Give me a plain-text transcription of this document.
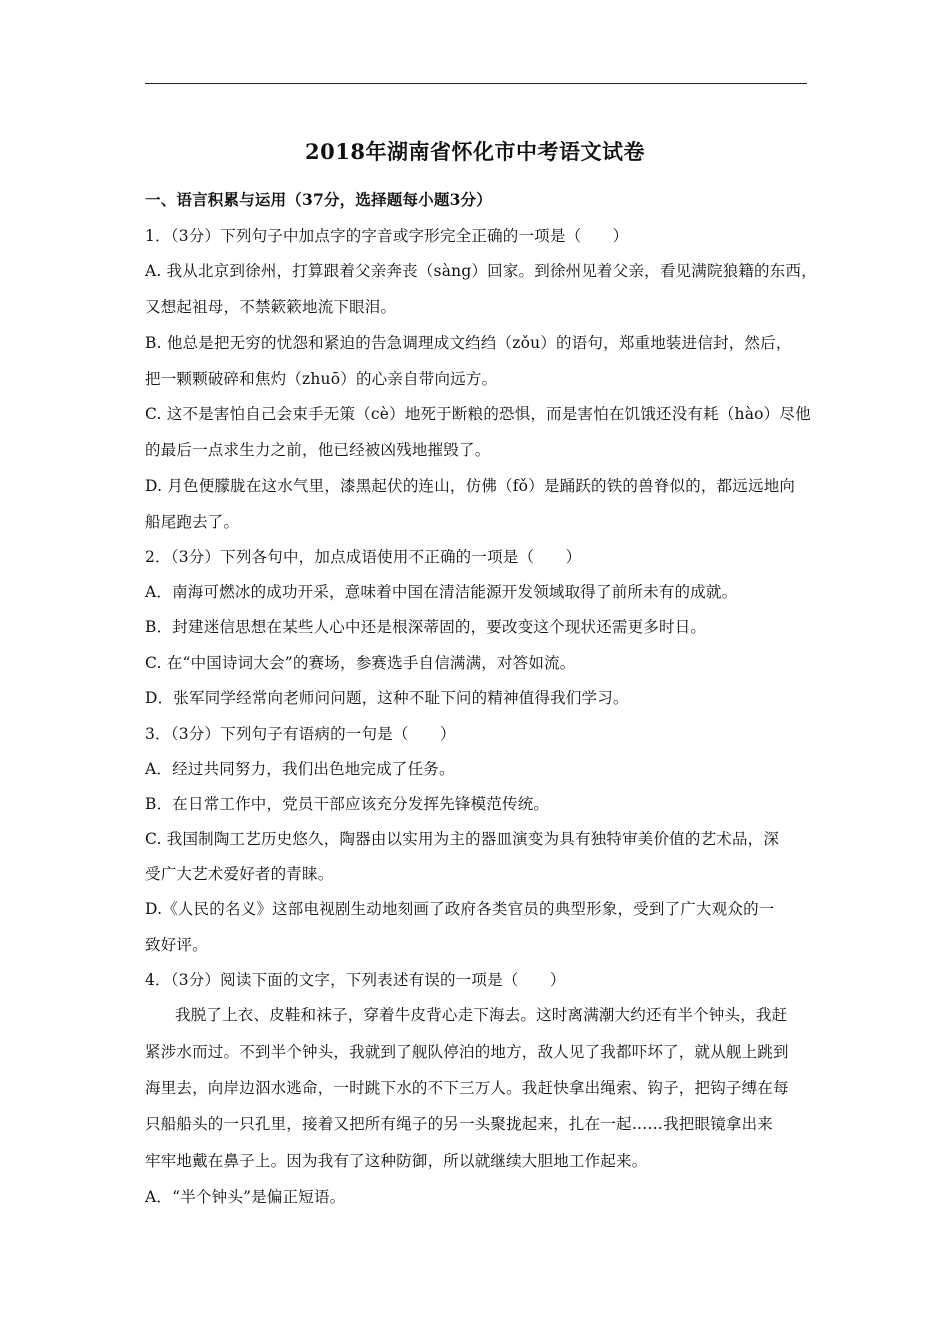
2018年湖南省怀化市中考语文试卷
一、语言积累与运用（37分，选择题每小题3分）
1．（3分）下列句子中加点字的字音或字形完全正确的一项是（　　）
A. 我从北京到徐州，打算跟着父亲奔丧（sàng）回家。到徐州见着父亲，看见满院狼籍的东西，
又想起祖母，不禁簌簌地流下眼泪。
B. 他总是把无穷的忧怨和紧迫的告急调理成文绉绉（zǒu）的语句，郑重地装进信封，然后，
把一颗颗破碎和焦灼（zhuō）的心亲自带向远方。
C. 这不是害怕自己会束手无策（cè）地死于断粮的恐惧，而是害怕在饥饿还没有耗（hào）尽他
的最后一点求生力之前，他已经被凶残地摧毁了。
D. 月色便朦胧在这水气里，漆黑起伏的连山，仿佛（fǒ）是踊跃的铁的兽脊似的，都远远地向
船尾跑去了。
2．（3分）下列各句中，加点成语使用不正确的一项是（　　）
A．南海可燃冰的成功开采，意味着中国在清洁能源开发领域取得了前所未有的成就。
B．封建迷信思想在某些人心中还是根深蒂固的，要改变这个现状还需更多时日。
C. 在“中国诗词大会”的赛场，参赛选手自信满满，对答如流。
D．张军同学经常向老师问问题，这种不耻下问的精神值得我们学习。
3．（3分）下列句子有语病的一句是（　　）
A．经过共同努力，我们出色地完成了任务。
B．在日常工作中，党员干部应该充分发挥先锋模范传统。
C. 我国制陶工艺历史悠久，陶器由以实用为主的器皿演变为具有独特审美价值的艺术品，深
受广大艺术爱好者的青睐。
D.《人民的名义》这部电视剧生动地刻画了政府各类官员的典型形象，受到了广大观众的一
致好评。
4．（3分）阅读下面的文字，下列表述有误的一项是（　　）
我脱了上衣、皮鞋和袜子，穿着牛皮背心走下海去。这时离满潮大约还有半个钟头，我赶
紧涉水而过。不到半个钟头，我就到了舰队停泊的地方，敌人见了我都吓坏了，就从舰上跳到
海里去，向岸边泅水逃命，一时跳下水的不下三万人。我赶快拿出绳索、钩子，把钩子缚在每
只船船头的一只孔里，接着又把所有绳子的另一头聚拢起来，扎在一起……我把眼镜拿出来
牢牢地戴在鼻子上。因为我有了这种防御，所以就继续大胆地工作起来。
A．“半个钟头”是偏正短语。
